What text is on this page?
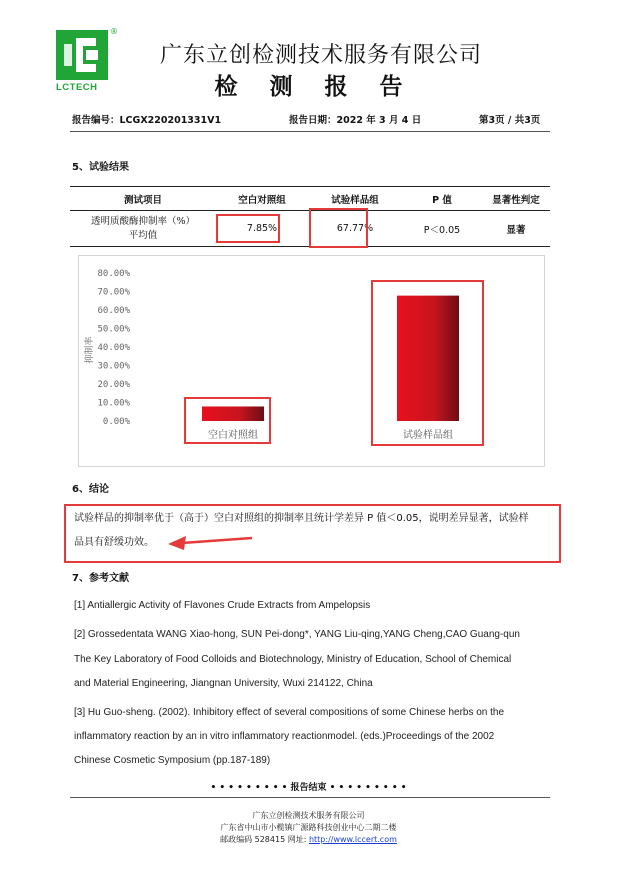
®
LCTECH
广东立创检测技术服务有限公司
检 测 报 告
报告编号：LCGX220201331V1	报告日期：2022 年 3 月 4 日	第3页 / 共3页
5、试验结果
测试项目	空白对照组	试验样品组	P 值	显著性判定

透明质酸酶抑制率（%）
平均值	7.85%	67.77%	P＜0.05	显著
0.00%
10.00%
20.00%
30.00%
40.00%
50.00%
60.00%
70.00%
80.00%
空白对照组	试验样品组
抑制率
6、结论
试验样品的抑制率优于（高于）空白对照组的抑制率且统计学差异 P 值＜0.05，说明差异显著，试验样
品具有舒缓功效。
7、参考文献
[1] Antiallergic Activity of Flavones Crude Extracts from Ampelopsis
[2] Grossedentata WANG Xiao-hong, SUN Pei-dong*, YANG Liu-qing,YANG Cheng,CAO Guang-qun
The Key Laboratory of Food Colloids and Biotechnology, Ministry of Education, School of Chemical
and Material Engineering, Jiangnan University, Wuxi 214122, China
[3] Hu Guo-sheng. (2002). Inhibitory effect of several compositions of some Chinese herbs on the
inflammatory reaction by an in vitro inflammatory reactionmodel. (eds.)Proceedings of the 2002
Chinese Cosmetic Symposium (pp.187-189)
• • • • • • • • • 报告结束 • • • • • • • • •
广东立创检测技术服务有限公司
广东省中山市小榄镇广源路科技创业中心二期二楼
邮政编码 528415 网址: http://www.lccert.com
